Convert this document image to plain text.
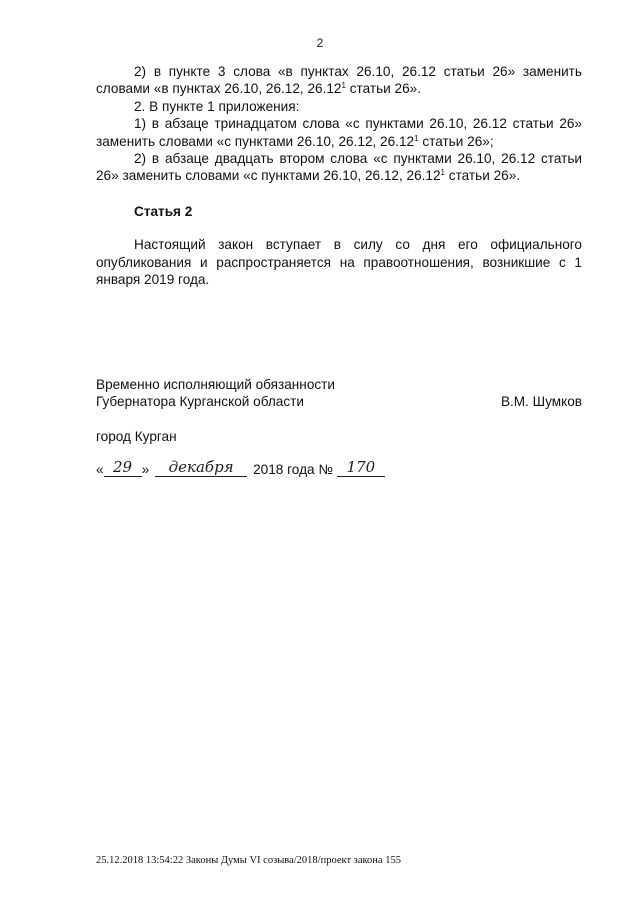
2

2) в пункте 3 слова «в пунктах 26.10, 26.12 статьи 26» заменить словами «в пунктах 26.10, 26.12, 26.12$^1$ статьи 26».

2. В пункте 1 приложения:

1) в абзаце тринадцатом слова «с пунктами 26.10, 26.12 статьи 26» заменить словами «с пунктами 26.10, 26.12, 26.12$^1$ статьи 26»;

2) в абзаце двадцать втором слова «с пунктами 26.10, 26.12 статьи 26» заменить словами «с пунктами 26.10, 26.12, 26.12$^1$ статьи 26».

Статья 2

Настоящий закон вступает в силу со дня его официального опубликования и распространяется на правоотношения, возникшие с 1 января 2019 года.

Временно исполняющий обязанности
Губернатора Курганской области	В.М. Шумков
город Курган
« 29 »	декабря	2018 года № 170
25.12.2018 13:54:22 Законы Думы VI созыва/2018/проект закона 155
